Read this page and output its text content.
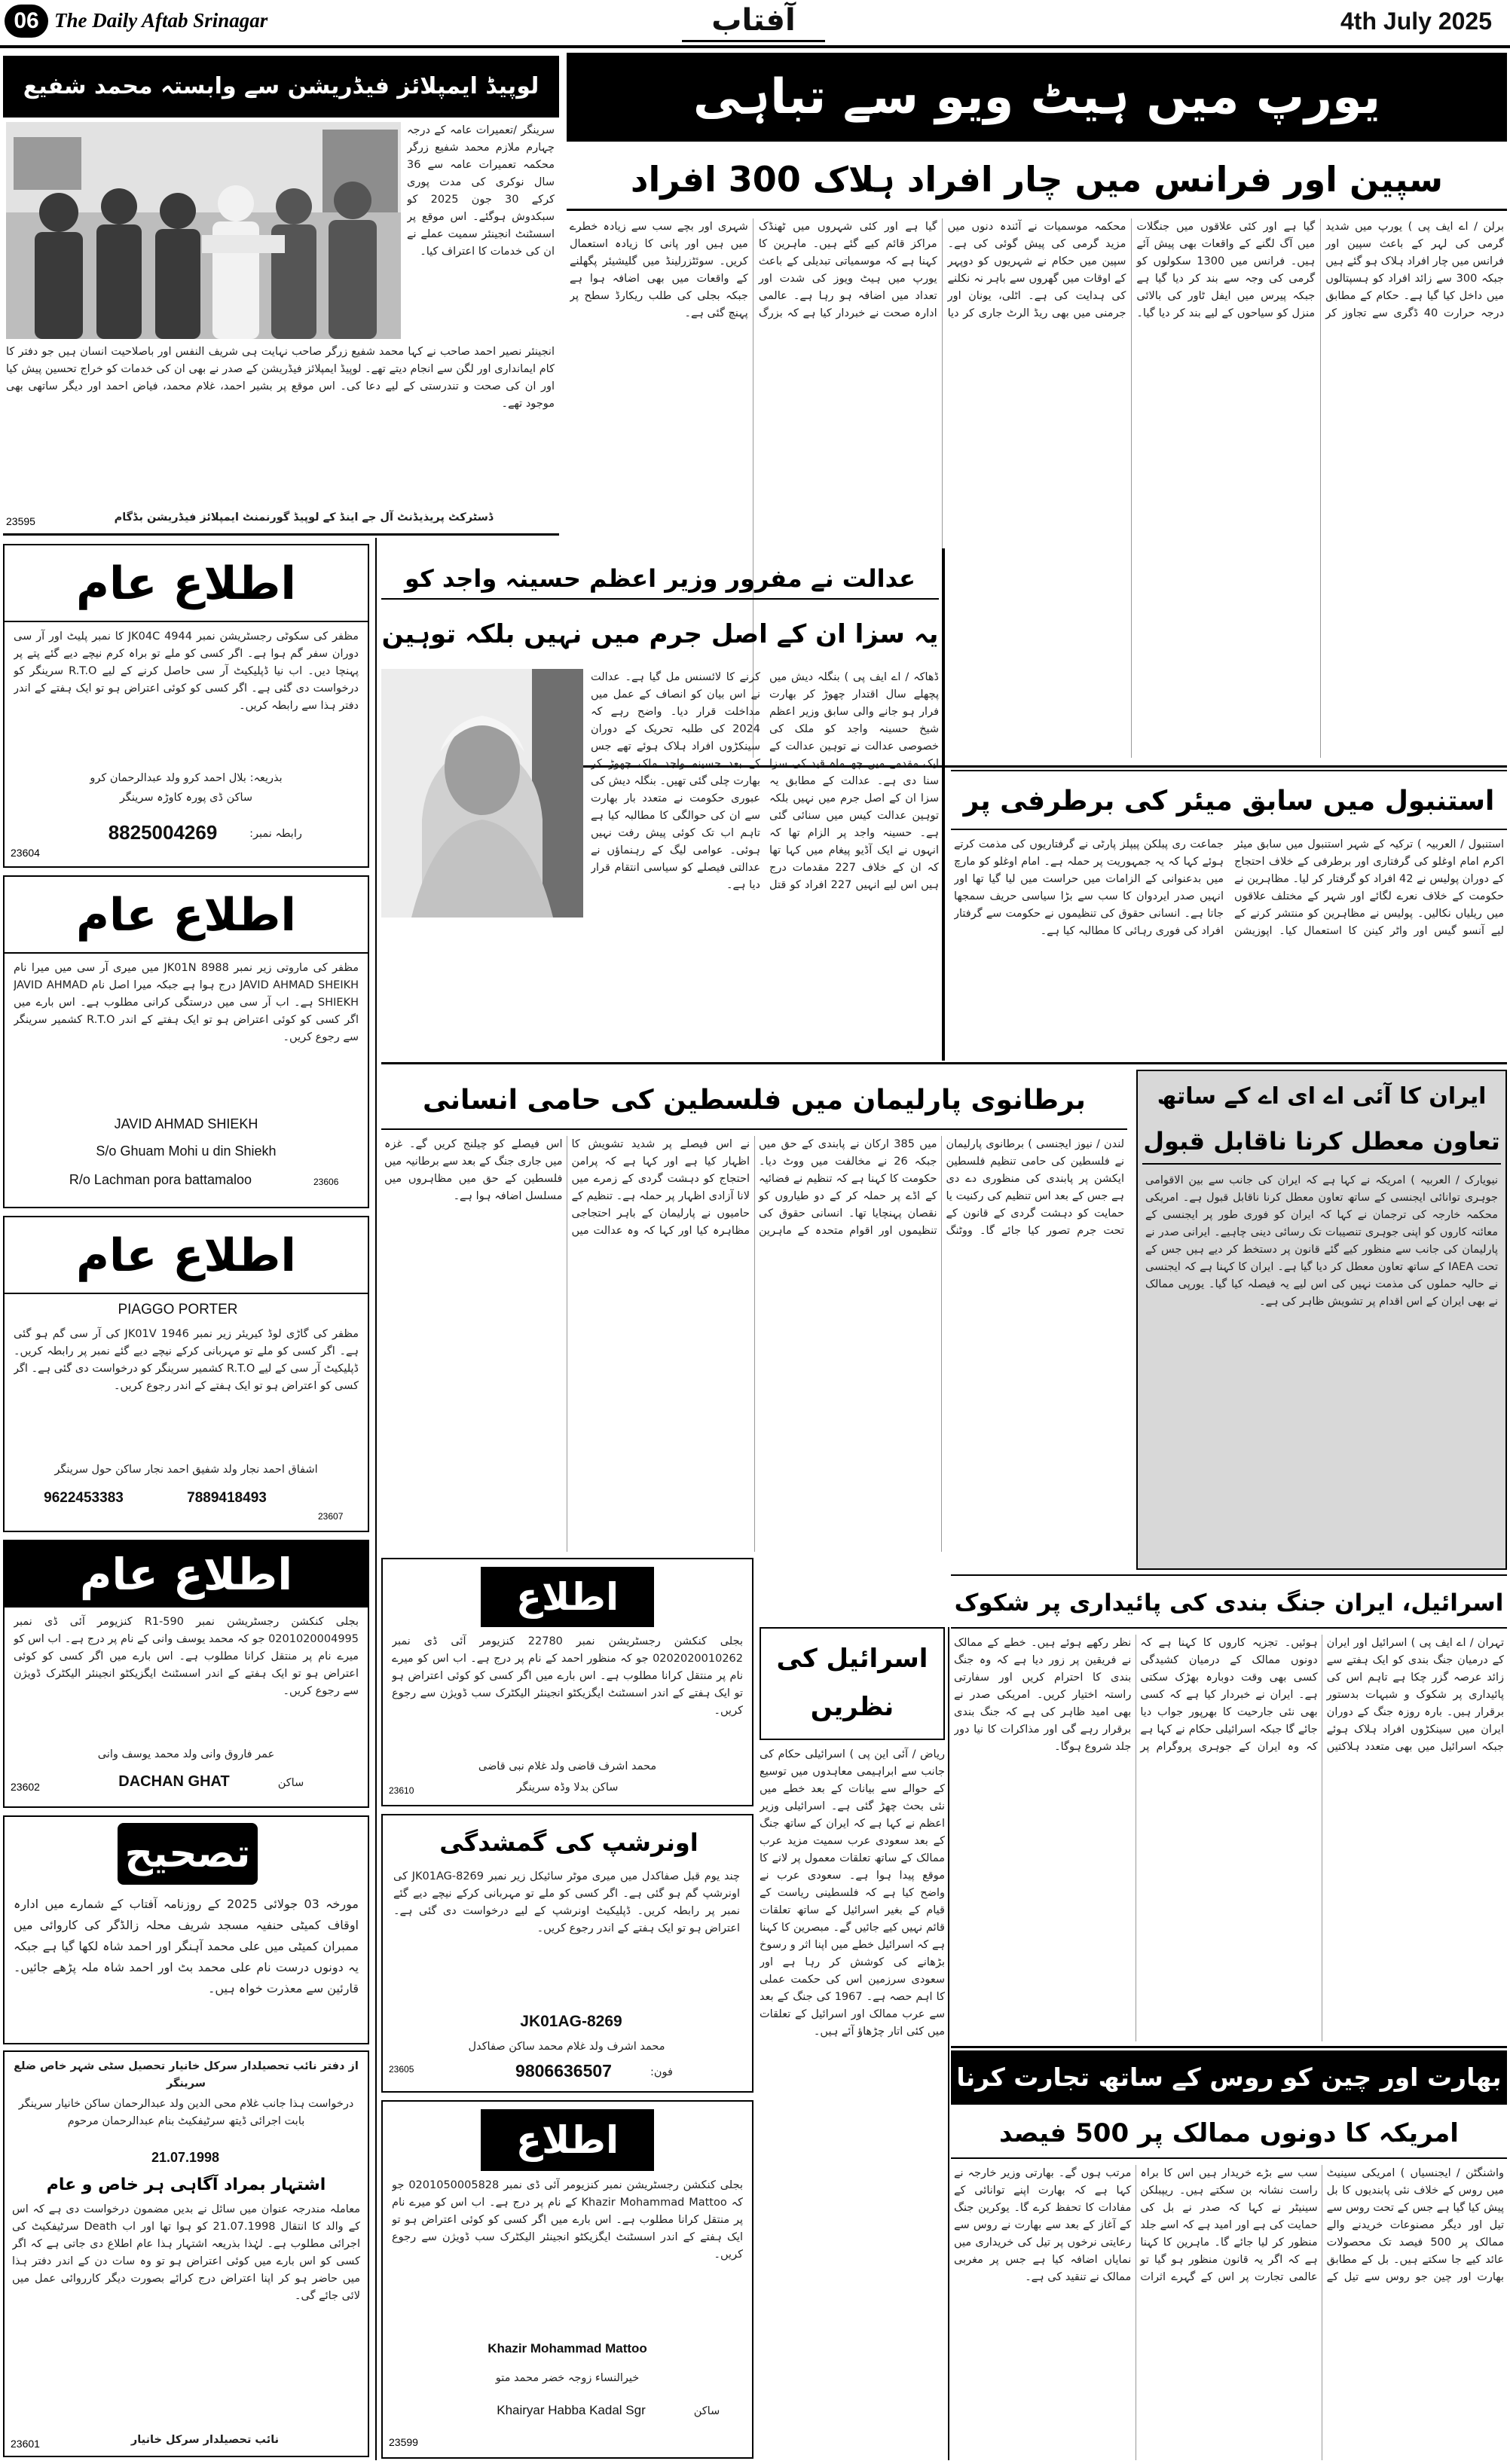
06 The Daily Aftab Srinagar	آفتاب	4th July 2025
لوپیڈ ایمپلائز فیڈریشن سے وابستہ محمد شفیع
سرینگر /تعمیرات عامہ کے درجہ چہارم ملازم محمد شفیع زرگر محکمہ تعمیرات عامہ سے 36 سال نوکری کی مدت پوری کرکے 30 جون 2025 کو سبکدوش ہوگئے۔ اس موقع پر اسسٹنٹ انجینئر سمیت عملے نے ان کی خدمات کا اعتراف کیا۔
انجینئر نصیر احمد صاحب نے کہا محمد شفیع زرگر صاحب نہایت ہی شریف النفس اور باصلاحیت انسان ہیں جو دفتر کا کام ایمانداری اور لگن سے انجام دیتے تھے۔ لوپیڈ ایمپلائز فیڈریشن کے صدر نے بھی ان کی خدمات کو خراج تحسین پیش کیا اور ان کی صحت و تندرستی کے لیے دعا کی۔ اس موقع پر بشیر احمد، غلام محمد، فیاض احمد اور دیگر ساتھی بھی موجود تھے۔
ڈسٹرکٹ پریذیڈنٹ آل جے اینڈ کے لوپیڈ گورنمنٹ ایمپلائز فیڈریشن بڈگام
23595
اطلاع عام
مظفر کی سکوٹی رجسٹریشن نمبر JK04C 4944 کا نمبر پلیٹ اور آر سی دوران سفر گم ہوا ہے۔ اگر کسی کو ملے تو براہ کرم نیچے دیے گئے پتے پر پہنچا دیں۔ اب نیا ڈپلیکیٹ آر سی حاصل کرنے کے لیے R.T.O سرینگر کو درخواست دی گئی ہے۔ اگر کسی کو کوئی اعتراض ہو تو ایک ہفتے کے اندر دفتر ہذا سے رابطہ کریں۔
بذریعہ: بلال احمد کرو ولد عبدالرحمان کرو
ساکن ڈی پورہ کاوڑہ سرینگر
رابطہ نمبر:
8825004269
23604
اطلاع عام
مظفر کی ماروتی زیر نمبر JK01N 8988 میں میری آر سی میں میرا نام JAVID AHMAD SHEIKH درج ہوا ہے جبکہ میرا اصل نام JAVID AHMAD SHIEKH ہے۔ اب آر سی میں درستگی کرانی مطلوب ہے۔ اس بارے میں اگر کسی کو کوئی اعتراض ہو تو ایک ہفتے کے اندر R.T.O کشمیر سرینگر سے رجوع کریں۔
JAVID AHMAD SHIEKH
S/o Ghuam Mohi u din Shiekh
R/o Lachman pora battamaloo	23606
اطلاع عام
PIAGGO PORTER
مظفر کی گاڑی لوڈ کیریئر زیر نمبر JK01V 1946 کی آر سی گم ہو گئی ہے۔ اگر کسی کو ملے تو مہربانی کرکے نیچے دیے گئے نمبر پر رابطہ کریں۔ ڈپلیکیٹ آر سی کے لیے R.T.O کشمیر سرینگر کو درخواست دی گئی ہے۔ اگر کسی کو اعتراض ہو تو ایک ہفتے کے اندر رجوع کریں۔
اشفاق احمد نجار ولد شفیق احمد نجار ساکن حول سرینگر
9622453383	7889418493
23607
اطلاع عام
بجلی کنکشن رجسٹریشن نمبر R1-590 کنزیومر آئی ڈی نمبر 0201020004995 جو کہ محمد یوسف وانی کے نام پر درج ہے۔ اب اس کو میرے نام پر منتقل کرانا مطلوب ہے۔ اس بارے میں اگر کسی کو کوئی اعتراض ہو تو ایک ہفتے کے اندر اسسٹنٹ ایگزیکٹو انجینئر الیکٹرک ڈویژن سے رجوع کریں۔
عمر فاروق وانی ولد محمد یوسف وانی
ساکن
DACHAN GHAT
23602
تصحیح
مورخہ 03 جولائی 2025 کے روزنامہ آفتاب کے شمارے میں ادارہ اوقاف کمیٹی حنفیہ مسجد شریف محلہ زالڈگر کی کاروائی میں ممبران کمیٹی میں علی محمد آہنگر اور احمد شاہ لکھا گیا ہے جبکہ یہ دونوں درست نام علی محمد بٹ اور احمد شاہ ملہ پڑھے جائیں۔ قارئین سے معذرت خواہ ہیں۔
از دفتر نائب تحصیلدار سرکل خانیار تحصیل سٹی شہر خاص ضلع سرینگر
درخواست ہذا جانب غلام محی الدین ولد عبدالرحمان ساکن خانیار سرینگر بابت اجرائی ڈیتھ سرٹیفکیٹ بنام عبدالرحمان مرحوم
21.07.1998
اشتہار بمراد آگاہی ہر خاص و عام
معاملہ مندرجہ عنوان میں سائل نے بدیں مضمون درخواست دی ہے کہ اس کے والد کا انتقال 21.07.1998 کو ہوا تھا اور اب Death سرٹیفکیٹ کی اجرائی مطلوب ہے۔ لہٰذا بذریعہ اشتہار ہذا عام اطلاع دی جاتی ہے کہ اگر کسی کو اس بارے میں کوئی اعتراض ہو تو وہ سات دن کے اندر دفتر ہذا میں حاضر ہو کر اپنا اعتراض درج کرائے بصورت دیگر کارروائی عمل میں لائی جائے گی۔
نائب تحصیلدار سرکل خانیار
23601
یورپ میں ہیٹ ویو سے تباہی
سپین اور فرانس میں چار افراد ہلاک 300 افراد
برلن / اے ایف پی ) یورپ میں شدید گرمی کی لہر کے باعث سپین اور فرانس میں چار افراد ہلاک ہو گئے ہیں جبکہ 300 سے زائد افراد کو ہسپتالوں میں داخل کیا گیا ہے۔ حکام کے مطابق درجہ حرارت 40 ڈگری سے تجاوز کر گیا ہے اور کئی علاقوں میں جنگلات میں آگ لگنے کے واقعات بھی پیش آئے ہیں۔ فرانس میں 1300 سکولوں کو گرمی کی وجہ سے بند کر دیا گیا ہے جبکہ پیرس میں ایفل ٹاور کی بالائی منزل کو سیاحوں کے لیے بند کر دیا گیا۔ محکمہ موسمیات نے آئندہ دنوں میں مزید گرمی کی پیش گوئی کی ہے۔ سپین میں حکام نے شہریوں کو دوپہر کے اوقات میں گھروں سے باہر نہ نکلنے کی ہدایت کی ہے۔ اٹلی، یونان اور جرمنی میں بھی ریڈ الرٹ جاری کر دیا گیا ہے اور کئی شہروں میں ٹھنڈک مراکز قائم کیے گئے ہیں۔ ماہرین کا کہنا ہے کہ موسمیاتی تبدیلی کے باعث یورپ میں ہیٹ ویوز کی شدت اور تعداد میں اضافہ ہو رہا ہے۔ عالمی ادارہ صحت نے خبردار کیا ہے کہ بزرگ شہری اور بچے سب سے زیادہ خطرے میں ہیں اور پانی کا زیادہ استعمال کریں۔ سوئٹزرلینڈ میں گلیشیئر پگھلنے کے واقعات میں بھی اضافہ ہوا ہے جبکہ بجلی کی طلب ریکارڈ سطح پر پہنچ گئی ہے۔
عدالت نے مفرور وزیر اعظم حسینہ واجد کو
یہ سزا ان کے اصل جرم میں نہیں بلکہ توہین
ڈھاکہ / اے ایف پی ) بنگلہ دیش میں پچھلے سال اقتدار چھوڑ کر بھارت فرار ہو جانے والی سابق وزیر اعظم شیخ حسینہ واجد کو ملک کی خصوصی عدالت نے توہین عدالت کے ایک مقدمے میں چھ ماہ قید کی سزا سنا دی ہے۔ عدالت کے مطابق یہ سزا ان کے اصل جرم میں نہیں بلکہ توہین عدالت کیس میں سنائی گئی ہے۔ حسینہ واجد پر الزام تھا کہ انہوں نے ایک آڈیو پیغام میں کہا تھا کہ ان کے خلاف 227 مقدمات درج ہیں اس لیے انہیں 227 افراد کو قتل کرنے کا لائسنس مل گیا ہے۔ عدالت نے اس بیان کو انصاف کے عمل میں مداخلت قرار دیا۔ واضح رہے کہ 2024 کی طلبہ تحریک کے دوران سینکڑوں افراد ہلاک ہوئے تھے جس کے بعد حسینہ واجد ملک چھوڑ کر بھارت چلی گئی تھیں۔ بنگلہ دیش کی عبوری حکومت نے متعدد بار بھارت سے ان کی حوالگی کا مطالبہ کیا ہے تاہم اب تک کوئی پیش رفت نہیں ہوئی۔ عوامی لیگ کے رہنماؤں نے عدالتی فیصلے کو سیاسی انتقام قرار دیا ہے۔
استنبول میں سابق میئر کی برطرفی پر
استنبول / العربیہ ) ترکیہ کے شہر استنبول میں سابق میئر اکرم امام اوغلو کی گرفتاری اور برطرفی کے خلاف احتجاج کے دوران پولیس نے 42 افراد کو گرفتار کر لیا۔ مظاہرین نے حکومت کے خلاف نعرے لگائے اور شہر کے مختلف علاقوں میں ریلیاں نکالیں۔ پولیس نے مظاہرین کو منتشر کرنے کے لیے آنسو گیس اور واٹر کینن کا استعمال کیا۔ اپوزیشن جماعت ری پبلکن پیپلز پارٹی نے گرفتاریوں کی مذمت کرتے ہوئے کہا کہ یہ جمہوریت پر حملہ ہے۔ امام اوغلو کو مارچ میں بدعنوانی کے الزامات میں حراست میں لیا گیا تھا اور انہیں صدر ایردوان کا سب سے بڑا سیاسی حریف سمجھا جاتا ہے۔ انسانی حقوق کی تنظیموں نے حکومت سے گرفتار افراد کی فوری رہائی کا مطالبہ کیا ہے۔
برطانوی پارلیمان میں فلسطین کی حامی انسانی
لندن / نیوز ایجنسی ) برطانوی پارلیمان نے فلسطین کی حامی تنظیم فلسطین ایکشن پر پابندی کی منظوری دے دی ہے جس کے بعد اس تنظیم کی رکنیت یا حمایت کو دہشت گردی کے قانون کے تحت جرم تصور کیا جائے گا۔ ووٹنگ میں 385 ارکان نے پابندی کے حق میں جبکہ 26 نے مخالفت میں ووٹ دیا۔ حکومت کا کہنا ہے کہ تنظیم نے فضائیہ کے اڈے پر حملہ کر کے دو طیاروں کو نقصان پہنچایا تھا۔ انسانی حقوق کی تنظیموں اور اقوام متحدہ کے ماہرین نے اس فیصلے پر شدید تشویش کا اظہار کیا ہے اور کہا ہے کہ پرامن احتجاج کو دہشت گردی کے زمرے میں لانا آزادی اظہار پر حملہ ہے۔ تنظیم کے حامیوں نے پارلیمان کے باہر احتجاجی مظاہرہ کیا اور کہا کہ وہ عدالت میں اس فیصلے کو چیلنج کریں گے۔ غزہ میں جاری جنگ کے بعد سے برطانیہ میں فلسطین کے حق میں مظاہروں میں مسلسل اضافہ ہوا ہے۔
ایران کا آئی اے ای اے کے ساتھ
تعاون معطل کرنا ناقابل قبول
نیویارک / العربیہ ) امریکہ نے کہا ہے کہ ایران کی جانب سے بین الاقوامی جوہری توانائی ایجنسی کے ساتھ تعاون معطل کرنا ناقابل قبول ہے۔ امریکی محکمہ خارجہ کی ترجمان نے کہا کہ ایران کو فوری طور پر ایجنسی کے معائنہ کاروں کو اپنی جوہری تنصیبات تک رسائی دینی چاہیے۔ ایرانی صدر نے پارلیمان کی جانب سے منظور کیے گئے قانون پر دستخط کر دیے ہیں جس کے تحت IAEA کے ساتھ تعاون معطل کر دیا گیا ہے۔ ایران کا کہنا ہے کہ ایجنسی نے حالیہ حملوں کی مذمت نہیں کی اس لیے یہ فیصلہ کیا گیا۔ یورپی ممالک نے بھی ایران کے اس اقدام پر تشویش ظاہر کی ہے۔
اسرائیل، ایران جنگ بندی کی پائیداری پر شکوک
تہران / اے ایف پی ) اسرائیل اور ایران کے درمیان جنگ بندی کو ایک ہفتے سے زائد عرصہ گزر چکا ہے تاہم اس کی پائیداری پر شکوک و شبہات بدستور برقرار ہیں۔ بارہ روزہ جنگ کے دوران ایران میں سینکڑوں افراد ہلاک ہوئے جبکہ اسرائیل میں بھی متعدد ہلاکتیں ہوئیں۔ تجزیہ کاروں کا کہنا ہے کہ دونوں ممالک کے درمیان کشیدگی کسی بھی وقت دوبارہ بھڑک سکتی ہے۔ ایران نے خبردار کیا ہے کہ کسی بھی نئی جارحیت کا بھرپور جواب دیا جائے گا جبکہ اسرائیلی حکام نے کہا ہے کہ وہ ایران کے جوہری پروگرام پر نظر رکھے ہوئے ہیں۔ خطے کے ممالک نے فریقین پر زور دیا ہے کہ وہ جنگ بندی کا احترام کریں اور سفارتی راستہ اختیار کریں۔ امریکی صدر نے بھی امید ظاہر کی ہے کہ جنگ بندی برقرار رہے گی اور مذاکرات کا نیا دور جلد شروع ہوگا۔
اسرائیل کی نظریں
ریاض / آئی این پی ) اسرائیلی حکام کی جانب سے ابراہیمی معاہدوں میں توسیع کے حوالے سے بیانات کے بعد خطے میں نئی بحث چھڑ گئی ہے۔ اسرائیلی وزیر اعظم نے کہا ہے کہ ایران کے ساتھ جنگ کے بعد سعودی عرب سمیت مزید عرب ممالک کے ساتھ تعلقات معمول پر لانے کا موقع پیدا ہوا ہے۔ سعودی عرب نے واضح کیا ہے کہ فلسطینی ریاست کے قیام کے بغیر اسرائیل کے ساتھ تعلقات قائم نہیں کیے جائیں گے۔ مبصرین کا کہنا ہے کہ اسرائیل خطے میں اپنا اثر و رسوخ بڑھانے کی کوشش کر رہا ہے اور سعودی سرزمین اس کی حکمت عملی کا اہم حصہ ہے۔ 1967 کی جنگ کے بعد سے عرب ممالک اور اسرائیل کے تعلقات میں کئی اتار چڑھاؤ آئے ہیں۔
اطلاع
بجلی کنکشن رجسٹریشن نمبر 22780 کنزیومر آئی ڈی نمبر 0202020010262 جو کہ منظور احمد کے نام پر درج ہے۔ اب اس کو میرے نام پر منتقل کرانا مطلوب ہے۔ اس بارے میں اگر کسی کو کوئی اعتراض ہو تو ایک ہفتے کے اندر اسسٹنٹ ایگزیکٹو انجینئر الیکٹرک سب ڈویژن سے رجوع کریں۔
محمد اشرف قاضی ولد غلام نبی قاضی
ساکن بدلا وڈہ سرینگر
23610
اونرشپ کی گمشدگی
چند یوم قبل صفاکدل میں میری موٹر سائیکل زیر نمبر JK01AG-8269 کی اونرشپ گم ہو گئی ہے۔ اگر کسی کو ملے تو مہربانی کرکے نیچے دیے گئے نمبر پر رابطہ کریں۔ ڈپلیکیٹ اونرشپ کے لیے درخواست دی گئی ہے۔ اعتراض ہو تو ایک ہفتے کے اندر رجوع کریں۔
JK01AG-8269
محمد اشرف ولد غلام محمد ساکن صفاکدل
فون:
9806636507
23605
اطلاع
بجلی کنکشن رجسٹریشن نمبر کنزیومر آئی ڈی نمبر 0201050005828 جو کہ Khazir Mohammad Mattoo کے نام پر درج ہے۔ اب اس کو میرے نام پر منتقل کرانا مطلوب ہے۔ اس بارے میں اگر کسی کو کوئی اعتراض ہو تو ایک ہفتے کے اندر اسسٹنٹ ایگزیکٹو انجینئر الیکٹرک سب ڈویژن سے رجوع کریں۔
Khazir Mohammad Mattoo
خیرالنساء زوجہ خضر محمد متو
ساکن
Khairyar Habba Kadal Sgr
23599
بھارت اور چین کو روس کے ساتھ تجارت کرنا
امریکہ کا دونوں ممالک پر 500 فیصد
واشنگٹن / ایجنسیاں ) امریکی سینیٹ میں روس کے خلاف نئی پابندیوں کا بل پیش کیا گیا ہے جس کے تحت روس سے تیل اور دیگر مصنوعات خریدنے والے ممالک پر 500 فیصد تک محصولات عائد کیے جا سکتے ہیں۔ بل کے مطابق بھارت اور چین جو روس سے تیل کے سب سے بڑے خریدار ہیں اس کا براہ راست نشانہ بن سکتے ہیں۔ ریپبلکن سینیٹر نے کہا کہ صدر نے بل کی حمایت کی ہے اور امید ہے کہ اسے جلد منظور کر لیا جائے گا۔ ماہرین کا کہنا ہے کہ اگر یہ قانون منظور ہو گیا تو عالمی تجارت پر اس کے گہرے اثرات مرتب ہوں گے۔ بھارتی وزیر خارجہ نے کہا ہے کہ بھارت اپنے توانائی کے مفادات کا تحفظ کرے گا۔ یوکرین جنگ کے آغاز کے بعد سے بھارت نے روس سے رعایتی نرخوں پر تیل کی خریداری میں نمایاں اضافہ کیا ہے جس پر مغربی ممالک نے تنقید کی ہے۔
